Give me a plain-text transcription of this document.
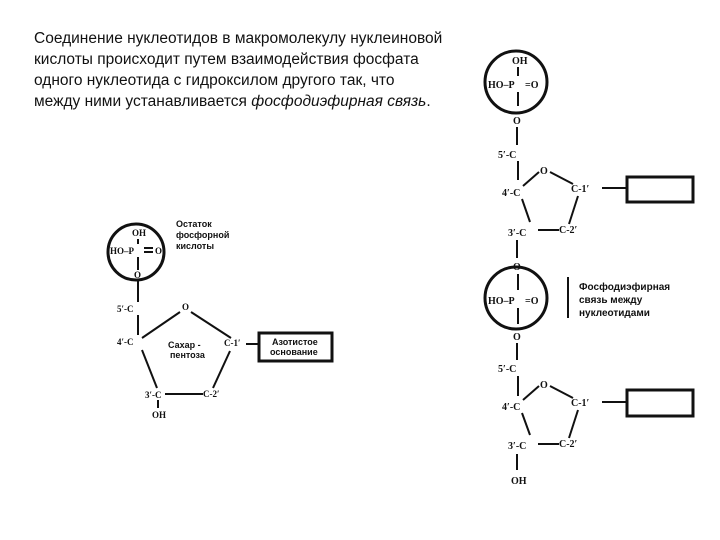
Соединение нуклеотидов в макромолекулу нуклеиновой кислоты происходит путем взаимодействия фосфата одного нуклеотида с гидроксилом другого так, что между ними устанавливается фосфодиэфирная связь.
OH
HO–P O
O
Остаток
фосфорной
кислоты
5′-C
4′-C
O
C-1′
3′-C	C-2′
OH
Сахар -
пентоза
Азотистое
основание
OH
HO–P =O
O
5′-C
4′-C
O
C-1′
3′-C	C-2′
O
HO–P =O
O
Фосфодиэфирная
связь между
нуклеотидами
5′-C
4′-C
O
C-1′
3′-C	C-2′
OH
